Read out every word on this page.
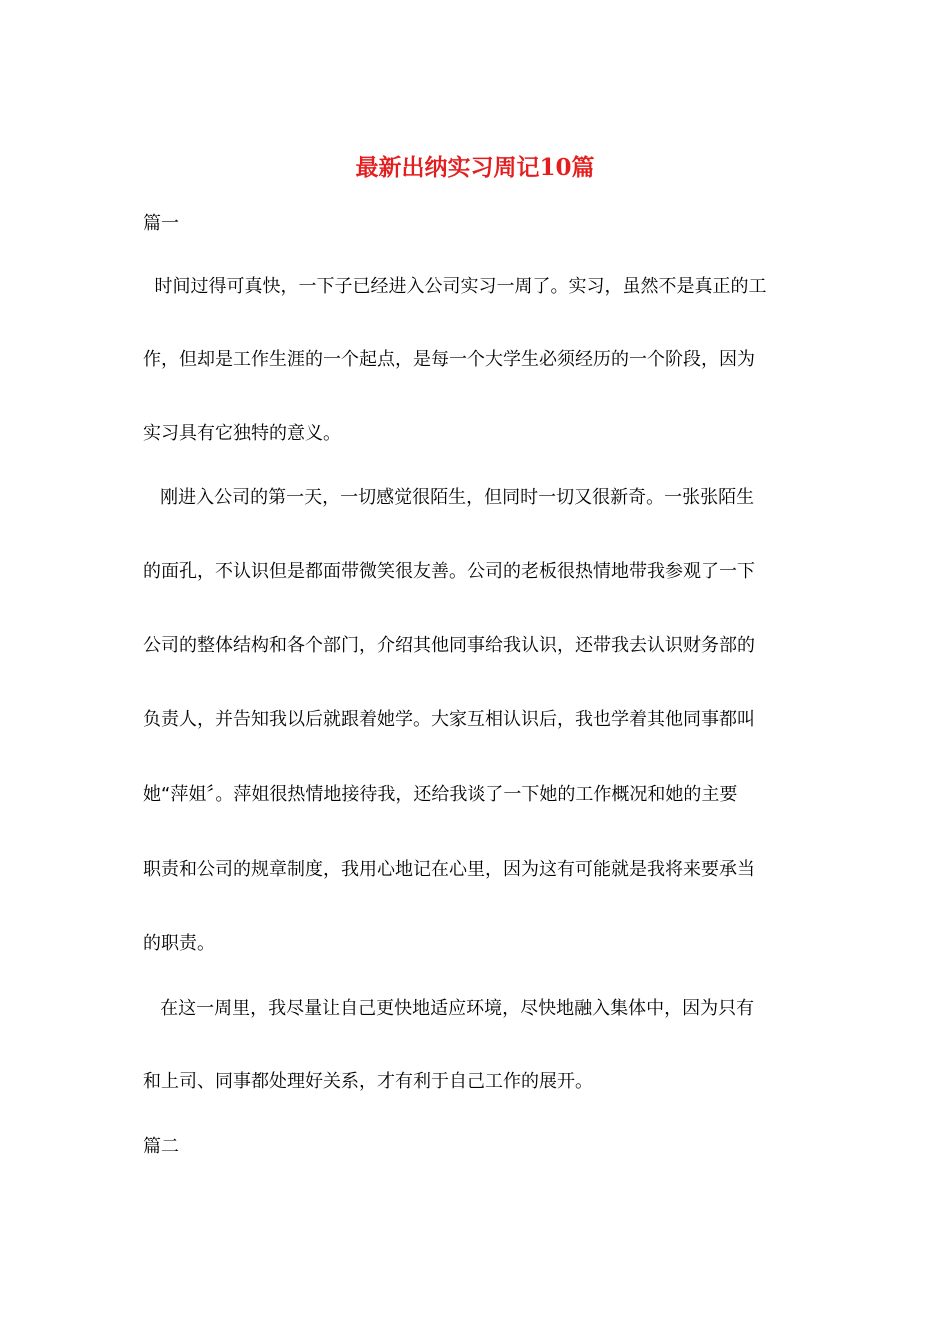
最新出纳实习周记10篇
篇一

时间过得可真快，一下子已经进入公司实习一周了。实习，虽然不是真正的工

作，但却是工作生涯的一个起点，是每一个大学生必须经历的一个阶段，因为

实习具有它独特的意义。

刚进入公司的第一天，一切感觉很陌生，但同时一切又很新奇。一张张陌生

的面孔，不认识但是都面带微笑很友善。公司的老板很热情地带我参观了一下

公司的整体结构和各个部门，介绍其他同事给我认识，还带我去认识财务部的

负责人，并告知我以后就跟着她学。大家互相认识后，我也学着其他同事都叫

她“萍姐〞。萍姐很热情地接待我，还给我谈了一下她的工作概况和她的主要

职责和公司的规章制度，我用心地记在心里，因为这有可能就是我将来要承当

的职责。

在这一周里，我尽量让自己更快地适应环境，尽快地融入集体中，因为只有

和上司、同事都处理好关系，才有利于自己工作的展开。

篇二
